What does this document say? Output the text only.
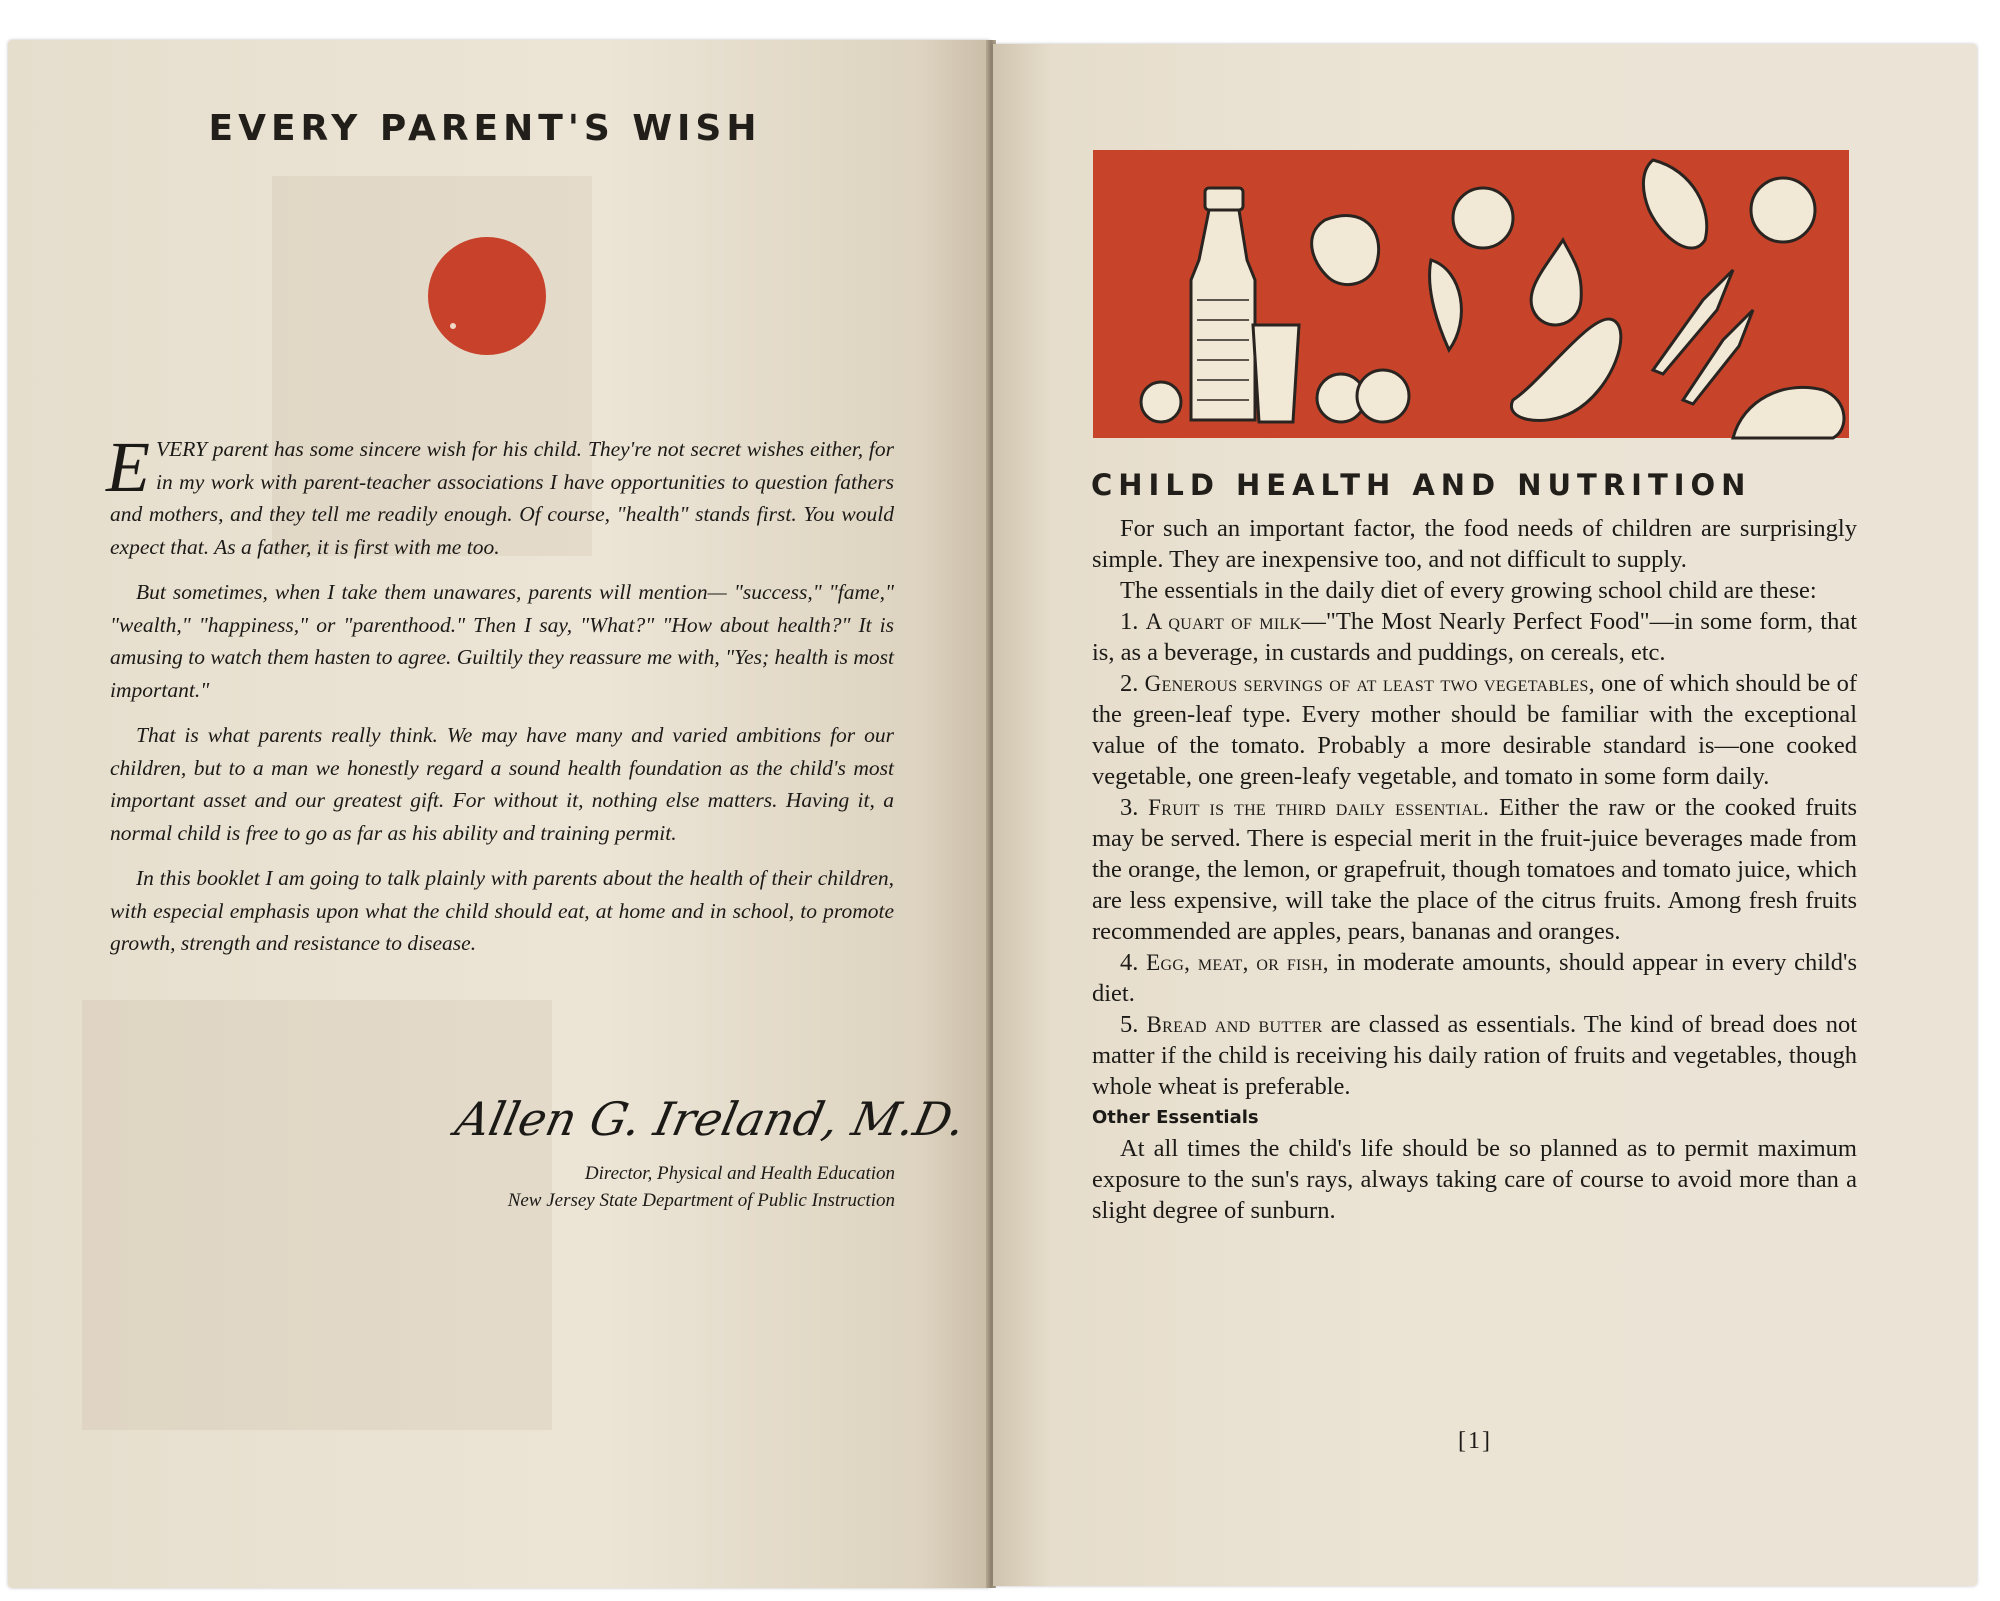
EVERY PARENT'S WISH

EVERY parent has some sincere wish for his child. They're not secret wishes either, for in my work with parent-teacher associations I have opportunities to question fathers and mothers, and they tell me readily enough. Of course, "health" stands first. You would expect that. As a father, it is first with me too.

But sometimes, when I take them unawares, parents will mention— "success," "fame," "wealth," "happiness," or "parenthood." Then I say, "What?" "How about health?" It is amusing to watch them hasten to agree. Guiltily they reassure me with, "Yes; health is most important."

That is what parents really think. We may have many and varied ambitions for our children, but to a man we honestly regard a sound health foundation as the child's most important asset and our greatest gift. For without it, nothing else matters. Having it, a normal child is free to go as far as his ability and training permit.

In this booklet I am going to talk plainly with parents about the health of their children, with especial emphasis upon what the child should eat, at home and in school, to promote growth, strength and resistance to disease.

Allen G. Ireland, M.D.
Director, Physical and Health Education
New Jersey State Department of Public Instruction
CHILD HEALTH AND NUTRITION

For such an important factor, the food needs of children are surprisingly simple. They are inexpensive too, and not difficult to supply.

The essentials in the daily diet of every growing school child are these:

1. A quart of milk—"The Most Nearly Perfect Food"—in some form, that is, as a beverage, in custards and puddings, on cereals, etc.

2. Generous servings of at least two vegetables, one of which should be of the green-leaf type. Every mother should be familiar with the exceptional value of the tomato. Probably a more desirable standard is—one cooked vegetable, one green-leafy vegetable, and tomato in some form daily.

3. Fruit is the third daily essential. Either the raw or the cooked fruits may be served. There is especial merit in the fruit-juice beverages made from the orange, the lemon, or grapefruit, though tomatoes and tomato juice, which are less expensive, will take the place of the citrus fruits. Among fresh fruits recommended are apples, pears, bananas and oranges.

4. Egg, meat, or fish, in moderate amounts, should appear in every child's diet.

5. Bread and butter are classed as essentials. The kind of bread does not matter if the child is receiving his daily ration of fruits and vegetables, though whole wheat is preferable.

Other Essentials

At all times the child's life should be so planned as to permit maximum exposure to the sun's rays, always taking care of course to avoid more than a slight degree of sunburn.

[1]
